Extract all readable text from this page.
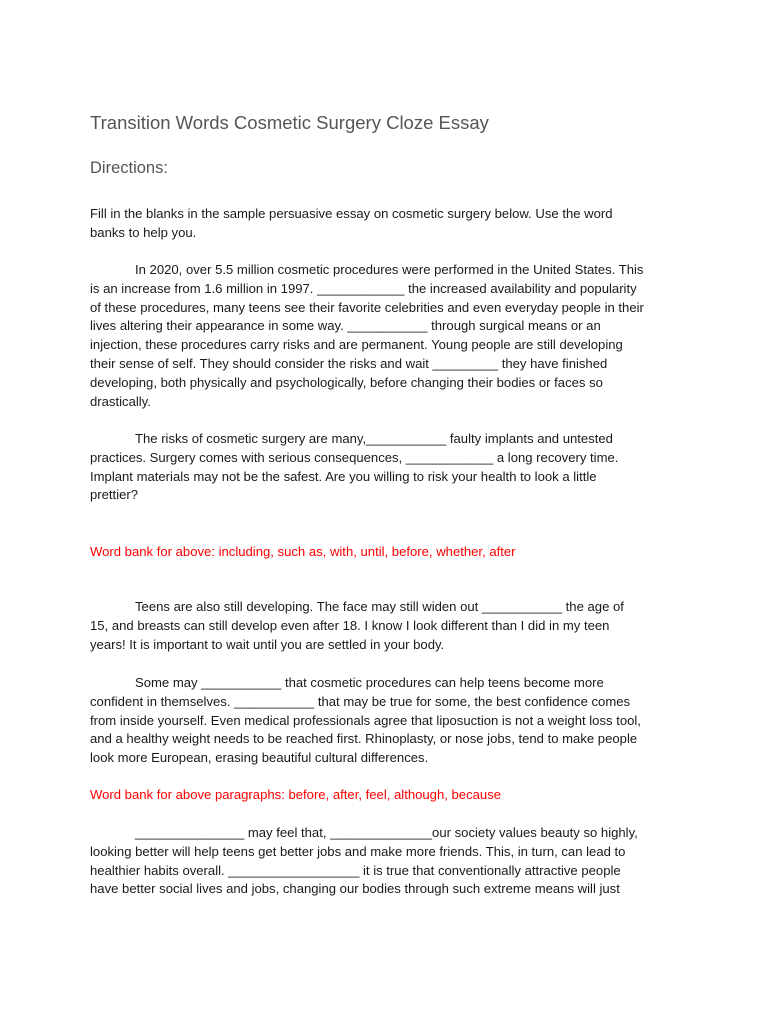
Transition Words Cosmetic Surgery Cloze Essay
Directions:

Fill in the blanks in the sample persuasive essay on cosmetic surgery below. Use the word
banks to help you.

In 2020, over 5.5 million cosmetic procedures were performed in the United States. This
is an increase from 1.6 million in 1997. ____________ the increased availability and popularity
of these procedures, many teens see their favorite celebrities and even everyday people in their
lives altering their appearance in some way. ___________ through surgical means or an
injection, these procedures carry risks and are permanent. Young people are still developing
their sense of self. They should consider the risks and wait _________ they have finished
developing, both physically and psychologically, before changing their bodies or faces so
drastically.

The risks of cosmetic surgery are many,___________ faulty implants and untested
practices. Surgery comes with serious consequences, ____________ a long recovery time.
Implant materials may not be the safest. Are you willing to risk your health to look a little
prettier?

Word bank for above: including, such as, with, until, before, whether, after

Teens are also still developing. The face may still widen out ___________ the age of
15, and breasts can still develop even after 18. I know I look different than I did in my teen
years! It is important to wait until you are settled in your body.

Some may ___________ that cosmetic procedures can help teens become more
confident in themselves. ___________ that may be true for some, the best confidence comes
from inside yourself. Even medical professionals agree that liposuction is not a weight loss tool,
and a healthy weight needs to be reached first. Rhinoplasty, or nose jobs, tend to make people
look more European, erasing beautiful cultural differences.

Word bank for above paragraphs: before, after, feel, although, because

_______________ may feel that, ______________our society values beauty so highly,
looking better will help teens get better jobs and make more friends. This, in turn, can lead to
healthier habits overall. __________________ it is true that conventionally attractive people
have better social lives and jobs, changing our bodies through such extreme means will just
